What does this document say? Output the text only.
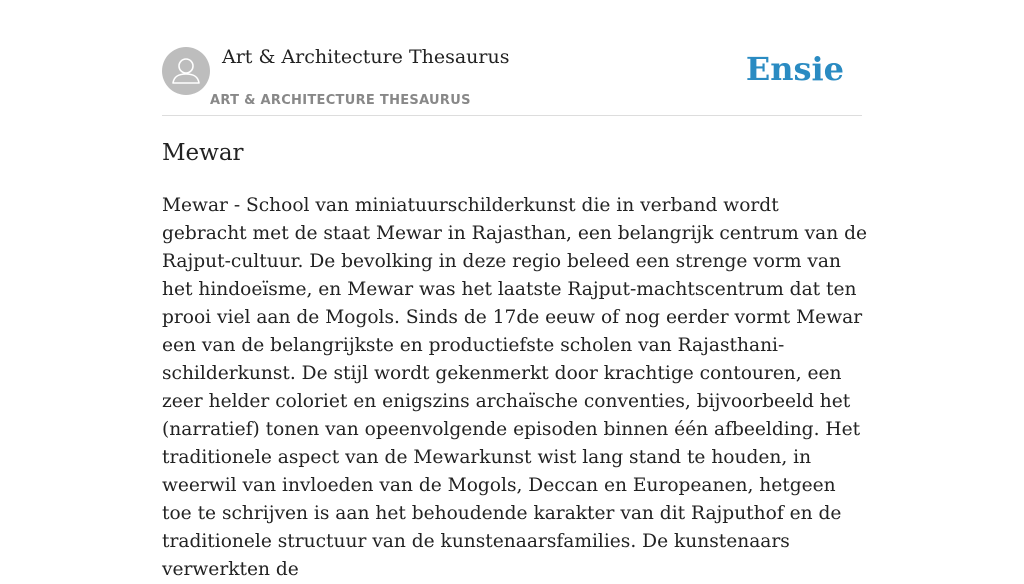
Art & Architecture Thesaurus
ART & ARCHITECTURE THESAURUS
Ensie
Mewar

Mewar - School van miniatuurschilderkunst die in verband wordt gebracht met de staat Mewar in Rajasthan, een belangrijk centrum van de Rajput-cultuur. De bevolking in deze regio beleed een strenge vorm van het hindoeïsme, en Mewar was het laatste Rajput-machtscentrum dat ten prooi viel aan de Mogols. Sinds de 17de eeuw of nog eerder vormt Mewar een van de belangrijkste en productiefste scholen van Rajasthani-schilderkunst. De stijl wordt gekenmerkt door krachtige contouren, een zeer helder coloriet en enigszins archaïsche conventies, bijvoorbeeld het (narratief) tonen van opeenvolgende episoden binnen één afbeelding. Het traditionele aspect van de Mewarkunst wist lang stand te houden, in weerwil van invloeden van de Mogols, Deccan en Europeanen, hetgeen toe te schrijven is aan het behoudende karakter van dit Rajputhof en de traditionele structuur van de kunstenaarsfamilies. De kunstenaars verwerkten de
